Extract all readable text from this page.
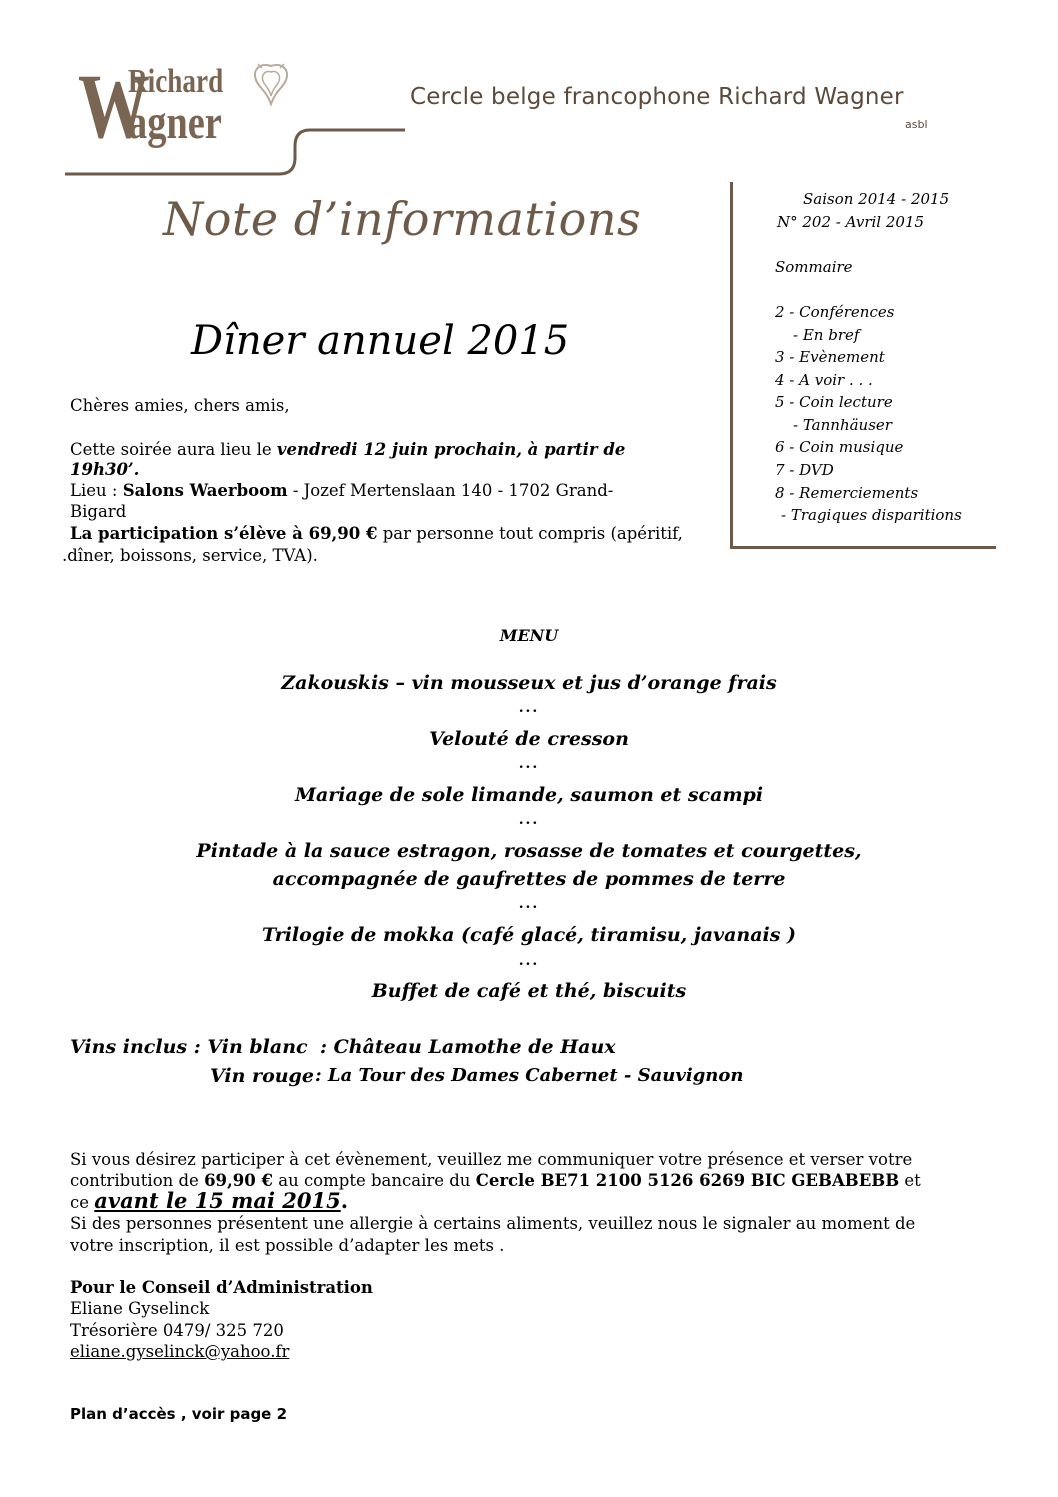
W
Richard
agner	Cercle belge francophone Richard Wagner
asbl
Note d’informations	Saison 2014 - 2015
N° 202 - Avril 2015
Sommaire
2 - Conférences
- En bref
3 - Evènement
4 - A voir . . .
5 - Coin lecture
- Tannhäuser
6 - Coin musique
7 - DVD
8 - Remerciements
- Tragiques disparitions
Dîner annuel 2015
Chères amies, chers amis,
Cette soirée aura lieu le vendredi 12 juin prochain, à partir de
19h30’.
Lieu : Salons Waerboom - Jozef Mertenslaan 140 - 1702 Grand-
Bigard
La participation s’élève à 69,90 € par personne tout compris (apéritif,
.dîner, boissons, service, TVA).
MENU
Zakouskis – vin mousseux et jus d’orange frais
...
Velouté de cresson
...
Mariage de sole limande, saumon et scampi
...
Pintade à la sauce estragon, rosasse de tomates et courgettes,
accompagnée de gaufrettes de pommes de terre
...
Trilogie de mokka (café glacé, tiramisu, javanais )
...
Buffet de café et thé, biscuits
Vins inclus : Vin blanc : Château Lamothe de Haux
Vin rouge : La Tour des Dames Cabernet - Sauvignon
Si vous désirez participer à cet évènement, veuillez me communiquer votre présence et verser votre
contribution de 69,90 € au compte bancaire du Cercle BE71 2100 5126 6269 BIC GEBABEBB et
ce avant le 15 mai 2015.
Si des personnes présentent une allergie à certains aliments, veuillez nous le signaler au moment de
votre inscription, il est possible d’adapter les mets .
Pour le Conseil d’Administration
Eliane Gyselinck
Trésorière 0479/ 325 720
eliane.gyselinck@yahoo.fr
Plan d’accès , voir page 2
